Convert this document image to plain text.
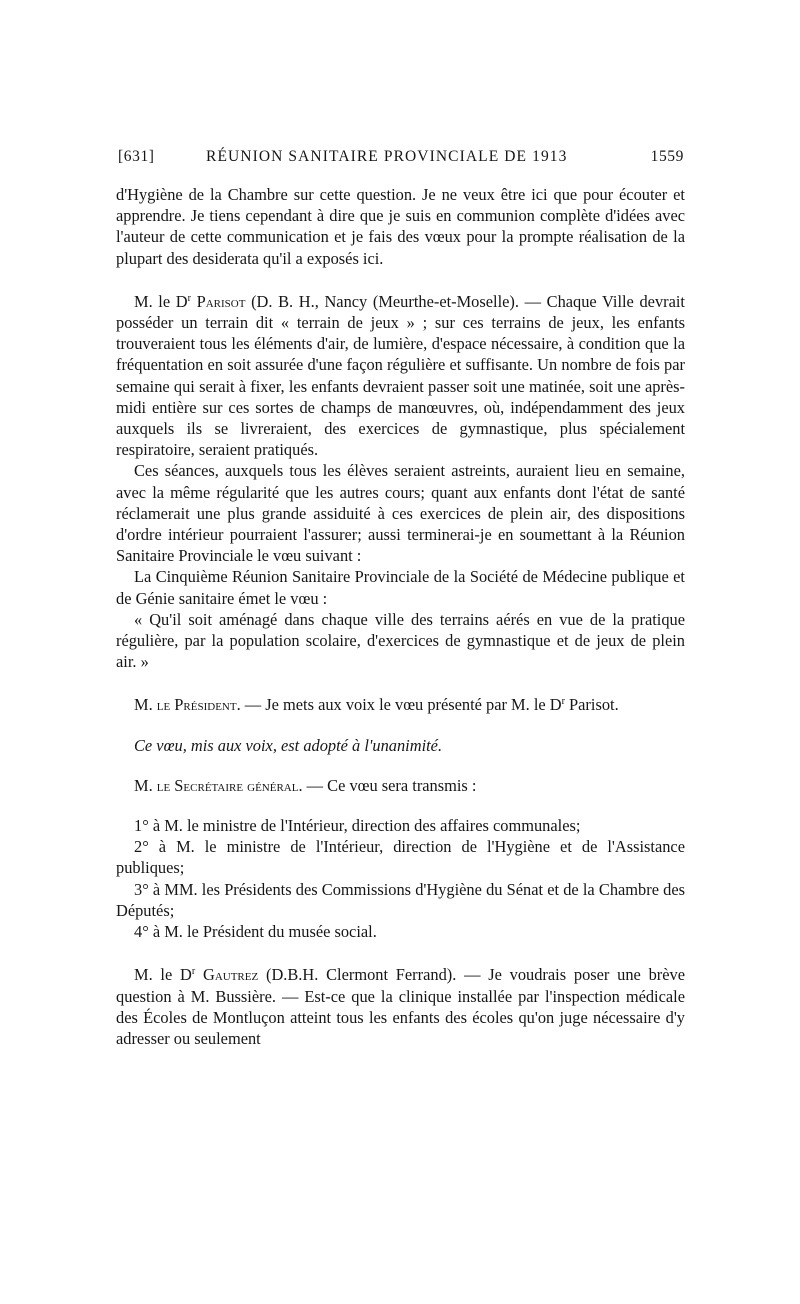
[631]	RÉUNION SANITAIRE PROVINCIALE DE 1913	1559

d'Hygiène de la Chambre sur cette question. Je ne veux être ici que pour écouter et apprendre. Je tiens cependant à dire que je suis en communion complète d'idées avec l'auteur de cette communication et je fais des vœux pour la prompte réalisation de la plupart des desiderata qu'il a exposés ici.

M. le $D^r$ Parisot (D. B. H., Nancy (Meurthe-et-Moselle). — Chaque Ville devrait posséder un terrain dit « terrain de jeux » ; sur ces terrains de jeux, les enfants trouveraient tous les éléments d'air, de lumière, d'espace nécessaire, à condition que la fréquentation en soit assurée d'une façon régulière et suffisante. Un nombre de fois par semaine qui serait à fixer, les enfants devraient passer soit une matinée, soit une après-midi entière sur ces sortes de champs de manœuvres, où, indépendamment des jeux auxquels ils se livreraient, des exercices de gymnastique, plus spécialement respiratoire, seraient pratiqués.

Ces séances, auxquels tous les élèves seraient astreints, auraient lieu en semaine, avec la même régularité que les autres cours; quant aux enfants dont l'état de santé réclamerait une plus grande assiduité à ces exercices de plein air, des dispositions d'ordre intérieur pourraient l'assurer; aussi terminerai-je en soumettant à la Réunion Sanitaire Provinciale le vœu suivant :

La Cinquième Réunion Sanitaire Provinciale de la Société de Médecine publique et de Génie sanitaire émet le vœu :

« Qu'il soit aménagé dans chaque ville des terrains aérés en vue de la pratique régulière, par la population scolaire, d'exercices de gymnastique et de jeux de plein air. »

M. le Président. — Je mets aux voix le vœu présenté par M. le $D^r$ Parisot.

Ce vœu, mis aux voix, est adopté à l'unanimité.

M. le Secrétaire général. — Ce vœu sera transmis :

1° à M. le ministre de l'Intérieur, direction des affaires communales;

2° à M. le ministre de l'Intérieur, direction de l'Hygiène et de l'Assistance publiques;

3° à MM. les Présidents des Commissions d'Hygiène du Sénat et de la Chambre des Députés;

4° à M. le Président du musée social.

M. le $D^r$ Gautrez (D.B.H. Clermont Ferrand). — Je voudrais poser une brève question à M. Bussière. — Est-ce que la clinique installée par l'inspection médicale des Écoles de Montluçon atteint tous les enfants des écoles qu'on juge nécessaire d'y adresser ou seulement
